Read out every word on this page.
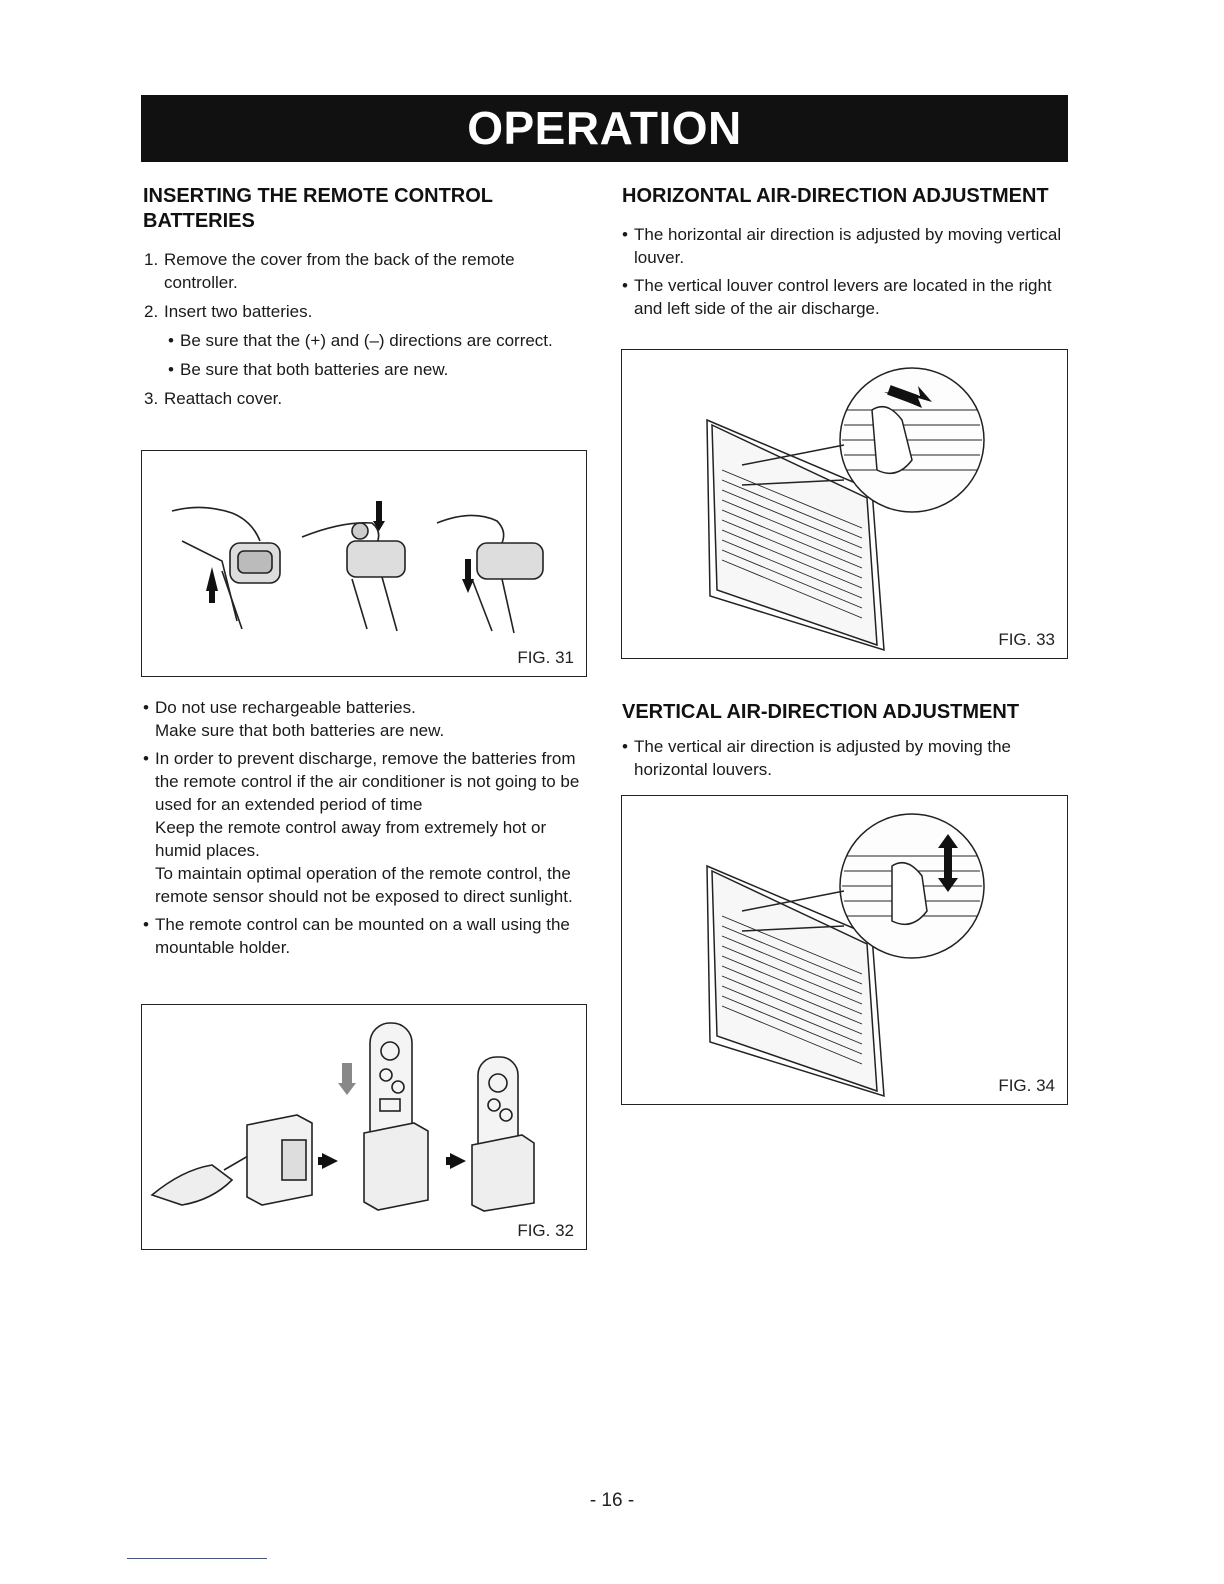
OPERATION
INSERTING THE REMOTE CONTROL BATTERIES
1. Remove the cover from the back of the remote controller.
2. Insert two batteries.
• Be sure that the (+) and (–) directions are correct.
• Be sure that both batteries are new.
3. Reattach cover.
FIG. 31
• Do not use rechargeable batteries.
Make sure that both batteries are new.
• In order to prevent discharge, remove the batteries from the remote control if the air conditioner is not going to be used for an extended period of time
Keep the remote control away from extremely hot or humid places.
To maintain optimal operation of the remote control, the remote sensor should not be exposed to direct sunlight.
• The remote control can be mounted on a wall using the mountable holder.
FIG. 32
HORIZONTAL AIR-DIRECTION ADJUSTMENT
• The horizontal air direction is adjusted by moving vertical louver.
• The vertical louver control levers are located in the right and left side of the air discharge.
FIG. 33
VERTICAL AIR-DIRECTION ADJUSTMENT
• The vertical air direction is adjusted by moving the horizontal louvers.
FIG. 34
- 16 -
